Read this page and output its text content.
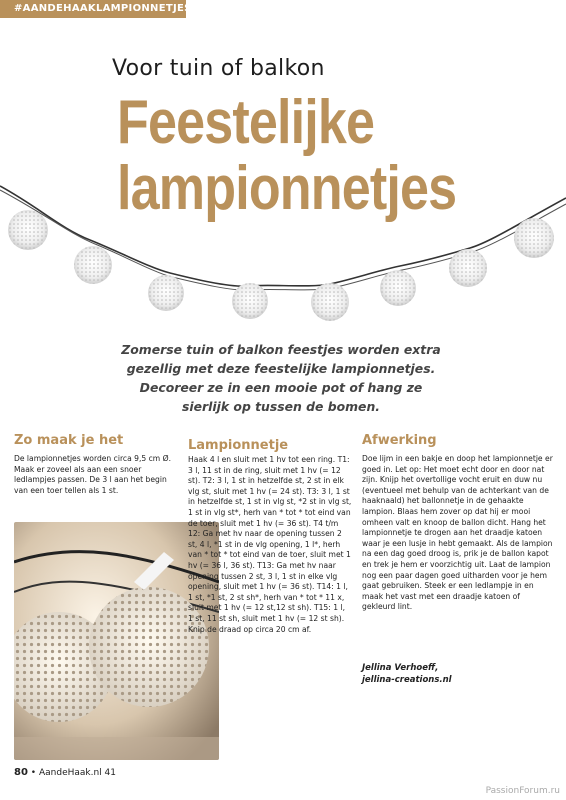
#AANDEHAAKLAMPIONNETJES
Voor tuin of balkon
Feestelijke
lampionnetjes
Zomerse tuin of balkon feestjes worden extra gezellig met deze feestelijke lampionnetjes. Decoreer ze in een mooie pot of hang ze sierlijk op tussen de bomen.
Zo maak je het

De lampionnetjes worden circa 9,5 cm Ø. Maak er zoveel als aan een snoer ledlampjes passen. De 3 l aan het begin van een toer tellen als 1 st.

Lampionnetje

Haak 4 l en sluit met 1 hv tot een ring. T1: 3 l, 11 st in de ring, sluit met 1 hv (= 12 st). T2: 3 l, 1 st in hetzelfde st, 2 st in elk vlg st, sluit met 1 hv (= 24 st). T3: 3 l, 1 st in hetzelfde st, 1 st in vlg st, *2 st in vlg st, 1 st in vlg st*, herh van * tot * tot eind van de toer, sluit met 1 hv (= 36 st). T4 t/m 12: Ga met hv naar de opening tussen 2 st, 4 l, *1 st in de vlg opening, 1 l*, herh van * tot * tot eind van de toer, sluit met 1 hv (= 36 l, 36 st). T13: Ga met hv naar opening tussen 2 st, 3 l, 1 st in elke vlg opening, sluit met 1 hv (= 36 st). T14: 1 l, 1 st, *1 st, 2 st sh*, herh van * tot * 11 x, sluit met 1 hv (= 12 st,12 st sh). T15: 1 l, 1 st, 11 st sh, sluit met 1 hv (= 12 st sh). Knip de draad op circa 20 cm af.

Afwerking

Doe lijm in een bakje en doop het lampionnetje er goed in. Let op: Het moet echt door en door nat zijn. Knijp het overtollige vocht eruit en duw nu (eventueel met behulp van de achterkant van de haaknaald) het ballonnetje in de gehaakte lampion. Blaas hem zover op dat hij er mooi omheen valt en knoop de ballon dicht. Hang het lampionnetje te drogen aan het draadje katoen waar je een lusje in hebt gemaakt. Als de lampion na een dag goed droog is, prik je de ballon kapot en trek je hem er voorzichtig uit. Laat de lampion nog een paar dagen goed uitharden voor je hem gaat gebruiken. Steek er een ledlampje in en maak het vast met een draadje katoen of gekleurd lint.

Jellina Verhoeff,
jellina-creations.nl
80 • AandeHaak.nl 41
PassionForum.ru
